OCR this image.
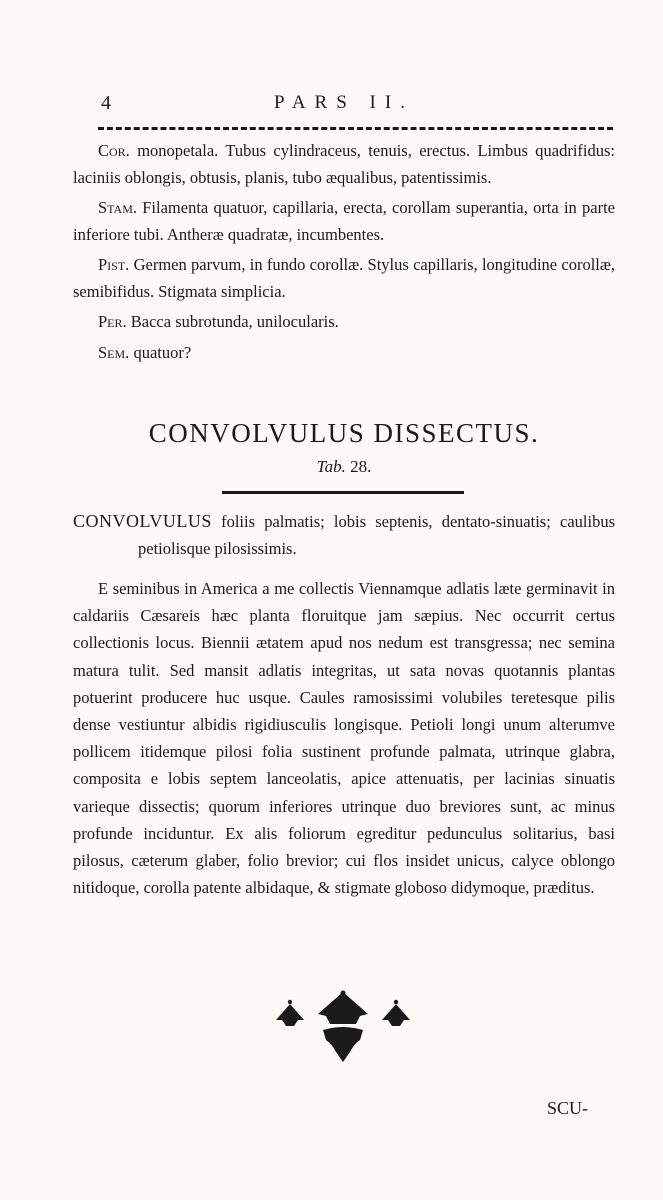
4	PARS II.

Cor. monopetala. Tubus cylindraceus, tenuis, erectus. Limbus quadrifidus: laciniis oblongis, obtusis, planis, tubo æqualibus, patentissimis.

Stam. Filamenta quatuor, capillaria, erecta, corollam superantia, orta in parte inferiore tubi. Antheræ quadratæ, incumbentes.

Pist. Germen parvum, in fundo corollæ. Stylus capillaris, longitudine corollæ, semibifidus. Stigmata simplicia.

Per. Bacca subrotunda, unilocularis.

Sem. quatuor?

CONVOLVULUS DISSECTUS.
Tab. 28.

CONVOLVULUS foliis palmatis; lobis septenis, dentato-sinuatis; caulibus petiolisque pilosissimis.

E seminibus in America a me collectis Viennamque adlatis læte germinavit in caldariis Cæsareis hæc planta floruitque jam sæpius. Nec occurrit certus collectionis locus. Biennii ætatem apud nos nedum est transgressa; nec semina matura tulit. Sed mansit adlatis integritas, ut sata novas quotannis plantas potuerint producere huc usque. Caules ramosissimi volubiles teretesque pilis dense vestiuntur albidis rigidiusculis longisque. Petioli longi unum alterumve pollicem itidemque pilosi folia sustinent profunde palmata, utrinque glabra, composita e lobis septem lanceolatis, apice attenuatis, per lacinias sinuatis varieque dissectis; quorum inferiores utrinque duo breviores sunt, ac minus profunde inciduntur. Ex alis foliorum egreditur pedunculus solitarius, basi pilosus, cæterum glaber, folio brevior; cui flos insidet unicus, calyce oblongo nitidoque, corolla patente albidaque, & stigmate globoso didymoque, præditus.

SCU-
